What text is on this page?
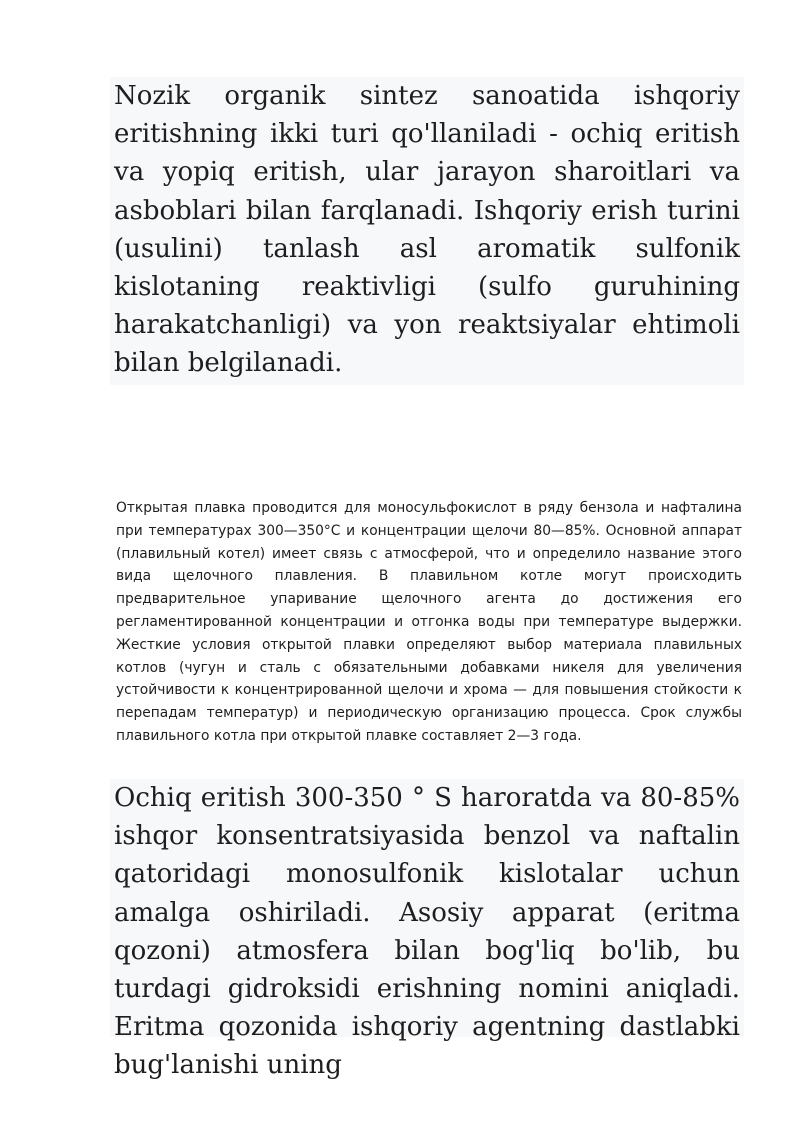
Nozik organik sintez sanoatida ishqoriy eritishning ikki turi qo'llaniladi - ochiq eritish va yopiq eritish, ular jarayon sharoitlari va asboblari bilan farqlanadi. Ishqoriy erish turini (usulini) tanlash asl aromatik sulfonik kislotaning reaktivligi (sulfo guruhining harakatchanligi) va yon reaktsiyalar ehtimoli bilan belgilanadi.

Открытая плавка проводится для моносульфокислот в ряду бензола и нафталина при температурах 300—350°С и концентрации щелочи 80—85%. Основной аппарат (плавильный котел) имеет связь с атмосферой, что и определило название этого вида щелочного плавления. В плавильном котле могут происходить предварительное упаривание щелочного агента до достижения его регламентированной концентрации и отгонка воды при температуре выдержки. Жесткие условия открытой плавки определяют выбор материала плавильных котлов (чугун и сталь с обязательными добавками никеля для увеличения устойчивости к концентрированной щелочи и хрома — для повышения стойкости к перепадам температур) и периодическую организацию процесса. Срок службы плавильного котла при открытой плавке составляет 2—3 года.

Ochiq eritish 300-350 ° S haroratda va 80-85% ishqor konsentratsiyasida benzol va naftalin qatoridagi monosulfonik kislotalar uchun amalga oshiriladi. Asosiy apparat (eritma qozoni) atmosfera bilan bog'liq bo'lib, bu turdagi gidroksidi erishning nomini aniqladi. Eritma qozonida ishqoriy agentning dastlabki bug'lanishi uning
